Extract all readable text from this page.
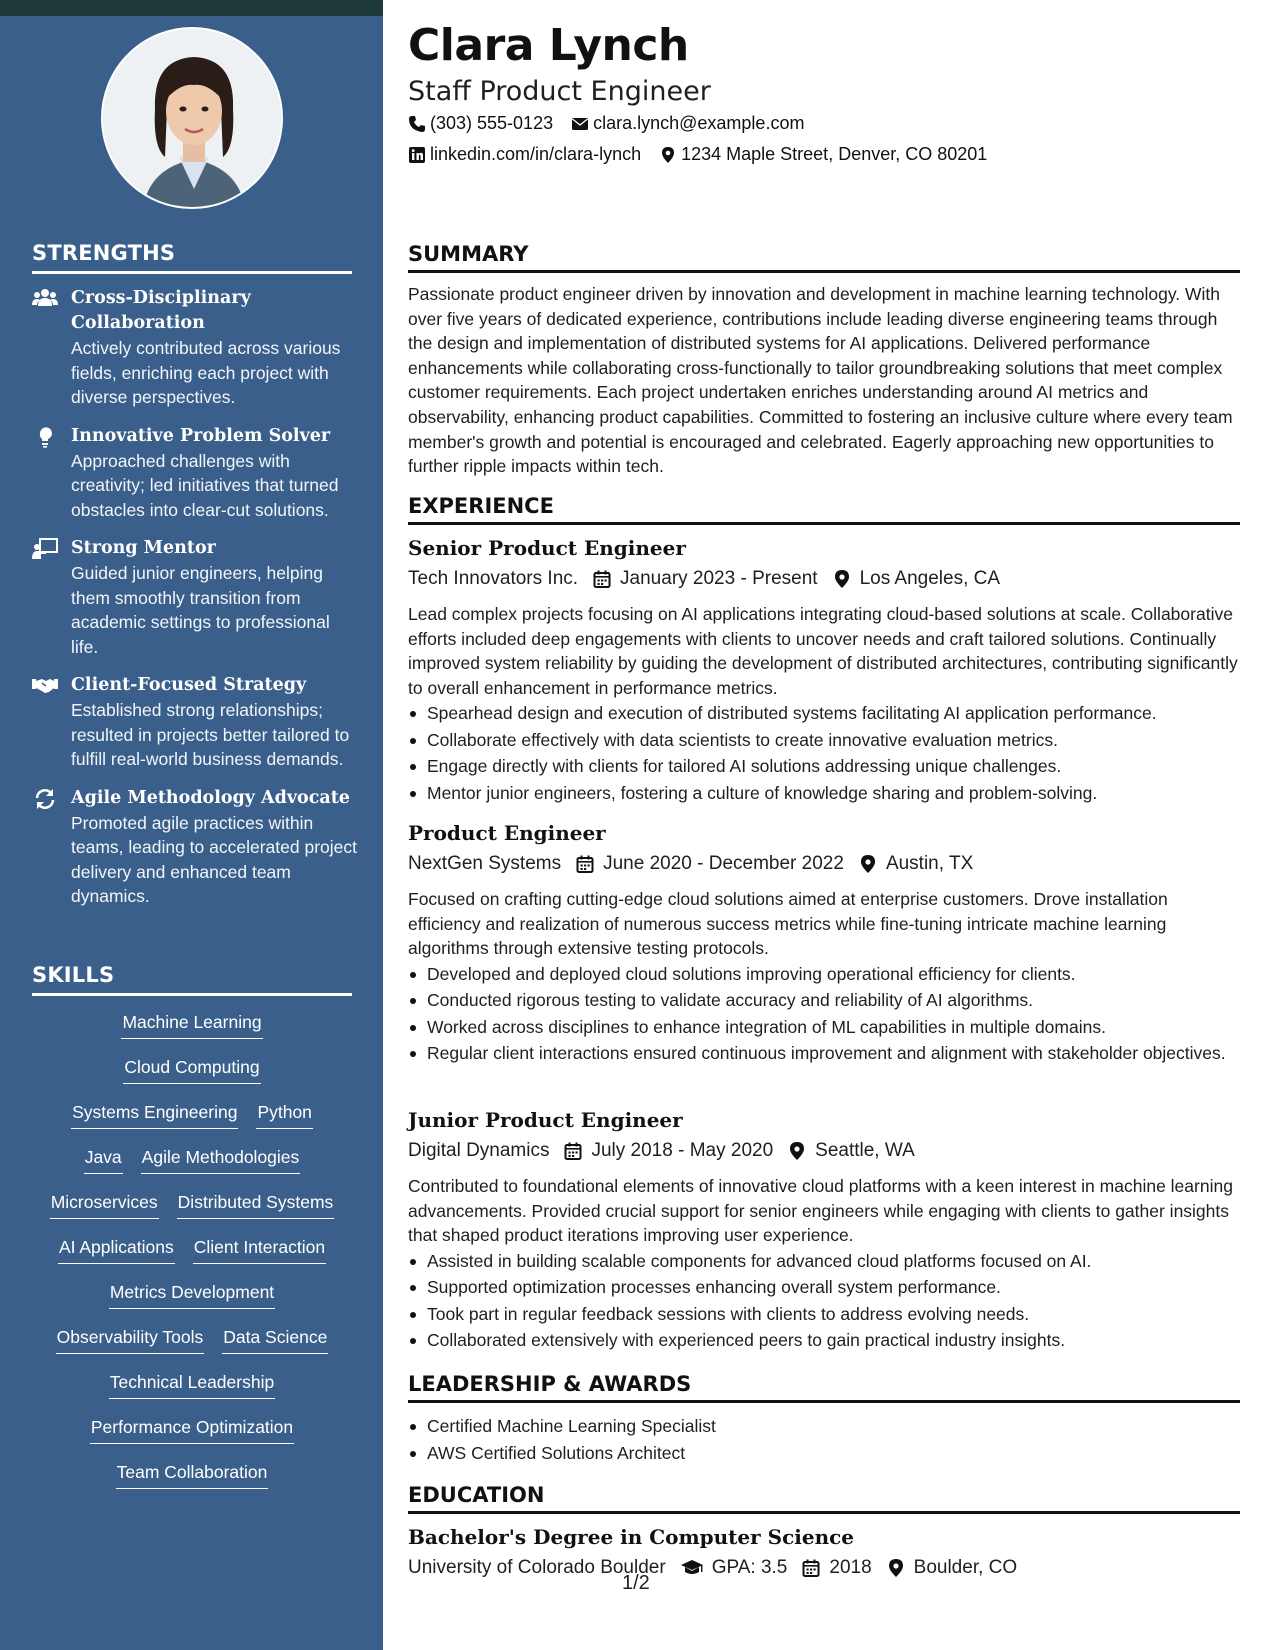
STRENGTHS
Cross-Disciplinary Collaboration
Actively contributed across various fields, enriching each project with diverse perspectives.
Innovative Problem Solver
Approached challenges with creativity; led initiatives that turned obstacles into clear-cut solutions.
Strong Mentor
Guided junior engineers, helping them smoothly transition from academic settings to professional life.
Client-Focused Strategy
Established strong relationships; resulted in projects better tailored to fulfill real-world business demands.
Agile Methodology Advocate
Promoted agile practices within teams, leading to accelerated project delivery and enhanced team dynamics.
SKILLS
Machine Learning
Cloud Computing
Systems Engineering Python
Java Agile Methodologies
Microservices Distributed Systems
AI Applications Client Interaction
Metrics Development
Observability Tools Data Science
Technical Leadership
Performance Optimization
Team Collaboration
Clara Lynch
Staff Product Engineer
(303) 555-0123 clara.lynch@example.com
linkedin.com/in/clara-lynch 1234 Maple Street, Denver, CO 80201
SUMMARY
Passionate product engineer driven by innovation and development in machine learning technology. With over five years of dedicated experience, contributions include leading diverse engineering teams through the design and implementation of distributed systems for AI applications. Delivered performance enhancements while collaborating cross-functionally to tailor groundbreaking solutions that meet complex customer requirements. Each project undertaken enriches understanding around AI metrics and observability, enhancing product capabilities. Committed to fostering an inclusive culture where every team member's growth and potential is encouraged and celebrated. Eagerly approaching new opportunities to further ripple impacts within tech.
EXPERIENCE
Senior Product Engineer
Tech Innovators Inc. January 2023 - Present Los Angeles, CA
Lead complex projects focusing on AI applications integrating cloud-based solutions at scale. Collaborative efforts included deep engagements with clients to uncover needs and craft tailored solutions. Continually improved system reliability by guiding the development of distributed architectures, contributing significantly to overall enhancement in performance metrics.
Spearhead design and execution of distributed systems facilitating AI application performance.
Collaborate effectively with data scientists to create innovative evaluation metrics.
Engage directly with clients for tailored AI solutions addressing unique challenges.
Mentor junior engineers, fostering a culture of knowledge sharing and problem-solving.
Product Engineer
NextGen Systems June 2020 - December 2022 Austin, TX
Focused on crafting cutting-edge cloud solutions aimed at enterprise customers. Drove installation efficiency and realization of numerous success metrics while fine-tuning intricate machine learning algorithms through extensive testing protocols.
Developed and deployed cloud solutions improving operational efficiency for clients.
Conducted rigorous testing to validate accuracy and reliability of AI algorithms.
Worked across disciplines to enhance integration of ML capabilities in multiple domains.
Regular client interactions ensured continuous improvement and alignment with stakeholder objectives.
Junior Product Engineer
Digital Dynamics July 2018 - May 2020 Seattle, WA
Contributed to foundational elements of innovative cloud platforms with a keen interest in machine learning advancements. Provided crucial support for senior engineers while engaging with clients to gather insights that shaped product iterations improving user experience.
Assisted in building scalable components for advanced cloud platforms focused on AI.
Supported optimization processes enhancing overall system performance.
Took part in regular feedback sessions with clients to address evolving needs.
Collaborated extensively with experienced peers to gain practical industry insights.
LEADERSHIP & AWARDS
Certified Machine Learning Specialist
AWS Certified Solutions Architect
EDUCATION
Bachelor's Degree in Computer Science
University of Colorado Boulder GPA: 3.5 2018 Boulder, CO
1/2
